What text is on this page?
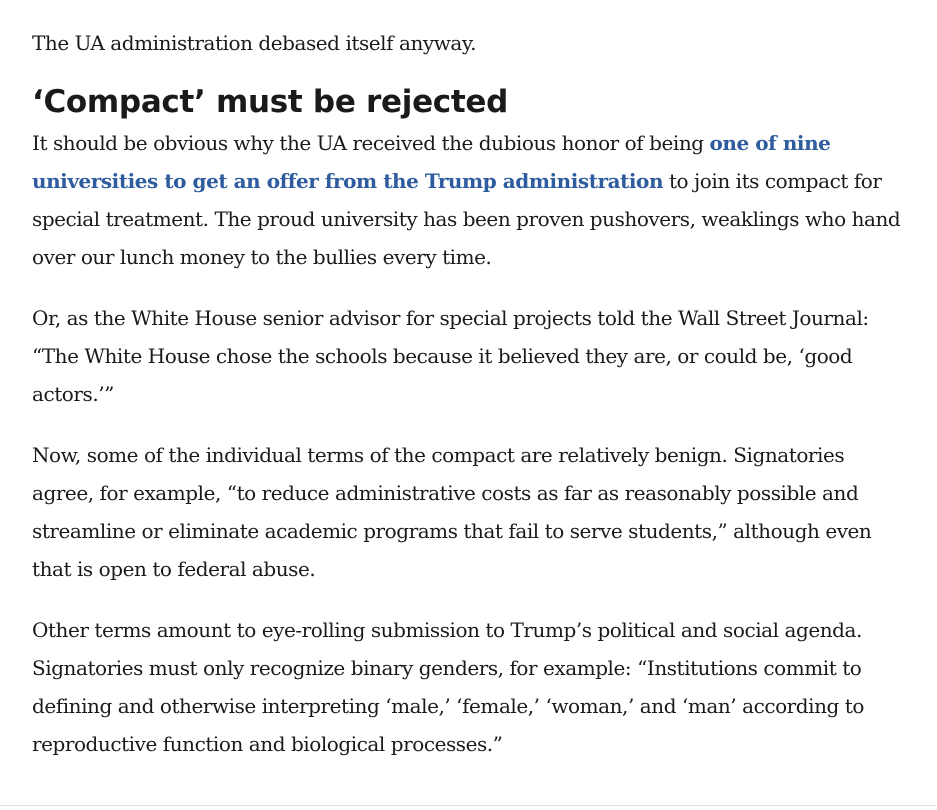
The UA administration debased itself anyway.

‘Compact’ must be rejected

It should be obvious why the UA received the dubious honor of being one of nine universities to get an offer from the Trump administration to join its compact for special treatment. The proud university has been proven pushovers, weaklings who hand over our lunch money to the bullies every time.

Or, as the White House senior advisor for special projects told the Wall Street Journal: “The White House chose the schools because it believed they are, or could be, ‘good actors.’”

Now, some of the individual terms of the compact are relatively benign. Signatories agree, for example, “to reduce administrative costs as far as reasonably possible and streamline or eliminate academic programs that fail to serve students,” although even that is open to federal abuse.

Other terms amount to eye-rolling submission to Trump’s political and social agenda. Signatories must only recognize binary genders, for example: “Institutions commit to defining and otherwise interpreting ‘male,’ ‘female,’ ‘woman,’ and ‘man’ according to reproductive function and biological processes.”
